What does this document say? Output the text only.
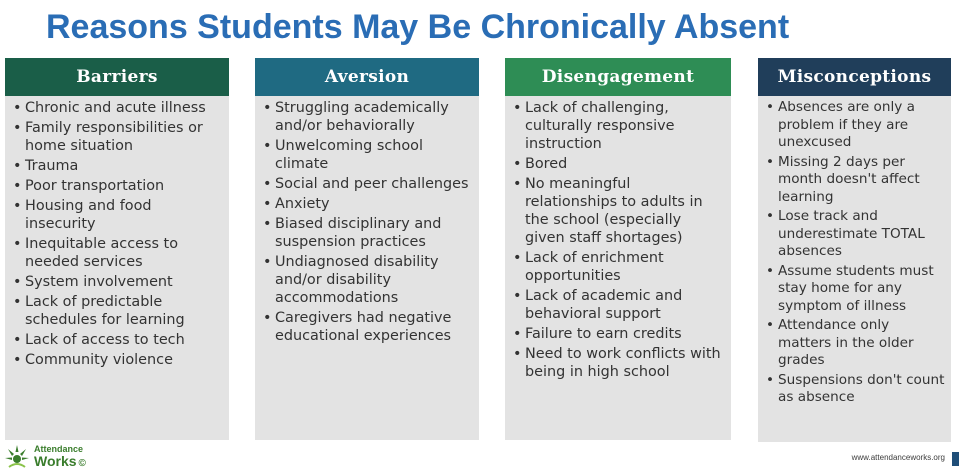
Reasons Students May Be Chronically Absent
Barriers
• Chronic and acute illness
• Family responsibilities or home situation
• Trauma
• Poor transportation
• Housing and food insecurity
• Inequitable access to needed services
• System involvement
• Lack of predictable schedules for learning
• Lack of access to tech
• Community violence
Aversion
• Struggling academically and/or behaviorally
• Unwelcoming school climate
• Social and peer challenges
• Anxiety
• Biased disciplinary and suspension practices
• Undiagnosed disability and/or disability accommodations
• Caregivers had negative educational experiences
Disengagement
• Lack of challenging, culturally responsive instruction
• Bored
• No meaningful relationships to adults in the school (especially given staff shortages)
• Lack of enrichment opportunities
• Lack of academic and behavioral support
• Failure to earn credits
• Need to work conflicts with being in high school
Misconceptions
• Absences are only a problem if they are unexcused
• Missing 2 days per month doesn't affect learning
• Lose track and underestimate TOTAL absences
• Assume students must stay home for any symptom of illness
• Attendance only matters in the older grades
• Suspensions don't count as absence
Attendance
Works ©	www.attendanceworks.org
